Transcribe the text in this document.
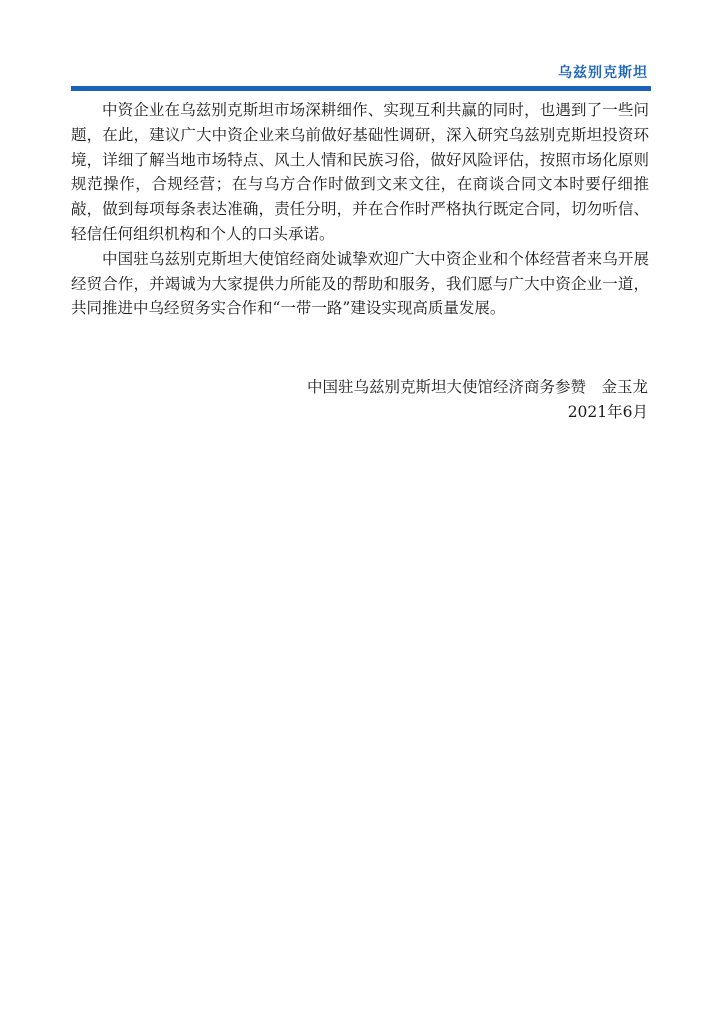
乌兹别克斯坦

中资企业在乌兹别克斯坦市场深耕细作、实现互利共赢的同时，也遇到了一些问题，在此，建议广大中资企业来乌前做好基础性调研，深入研究乌兹别克斯坦投资环境，详细了解当地市场特点、风土人情和民族习俗，做好风险评估，按照市场化原则规范操作，合规经营；在与乌方合作时做到文来文往，在商谈合同文本时要仔细推敲，做到每项每条表达准确，责任分明，并在合作时严格执行既定合同，切勿听信、轻信任何组织机构和个人的口头承诺。

中国驻乌兹别克斯坦大使馆经商处诚挚欢迎广大中资企业和个体经营者来乌开展经贸合作，并竭诚为大家提供力所能及的帮助和服务，我们愿与广大中资企业一道，共同推进中乌经贸务实合作和“一带一路”建设实现高质量发展。

中国驻乌兹别克斯坦大使馆经济商务参赞　金玉龙
2021年6月
